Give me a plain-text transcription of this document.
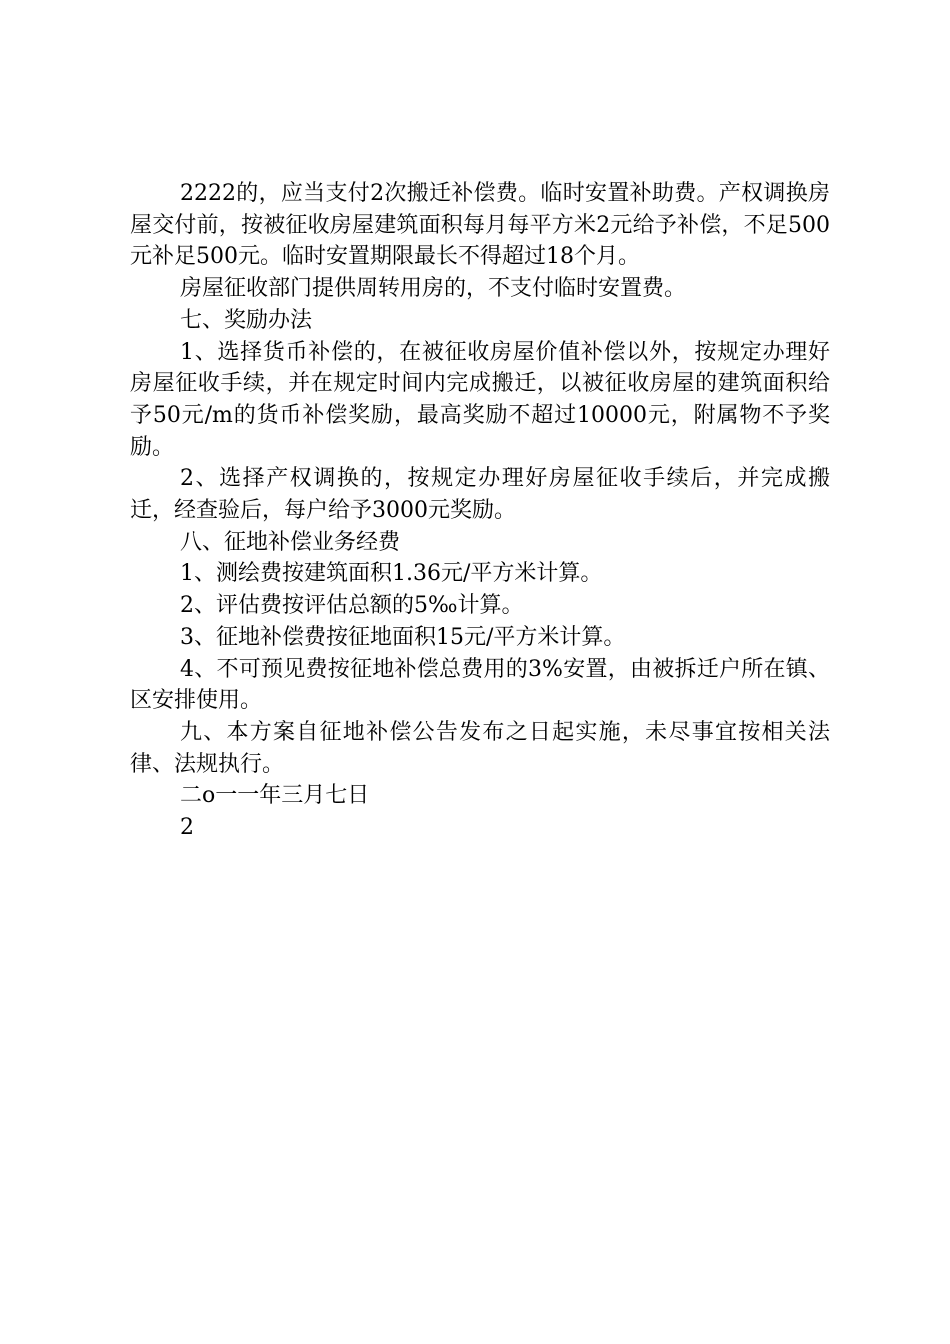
2222的，应当支付2次搬迁补偿费。临时安置补助费。产权调换房屋交付前，按被征收房屋建筑面积每月每平方米2元给予补偿，不足500元补足500元。临时安置期限最长不得超过18个月。

房屋征收部门提供周转用房的，不支付临时安置费。

七、奖励办法

1、选择货币补偿的，在被征收房屋价值补偿以外，按规定办理好房屋征收手续，并在规定时间内完成搬迁，以被征收房屋的建筑面积给予50元/m的货币补偿奖励，最高奖励不超过10000元，附属物不予奖励。

2、选择产权调换的，按规定办理好房屋征收手续后，并完成搬迁，经查验后，每户给予3000元奖励。

八、征地补偿业务经费

1、测绘费按建筑面积1.36元/平方米计算。

2、评估费按评估总额的5‰计算。

3、征地补偿费按征地面积15元/平方米计算。

4、不可预见费按征地补偿总费用的3%安置，由被拆迁户所在镇、区安排使用。

九、本方案自征地补偿公告发布之日起实施，未尽事宜按相关法律、法规执行。

二o一一年三月七日

2
